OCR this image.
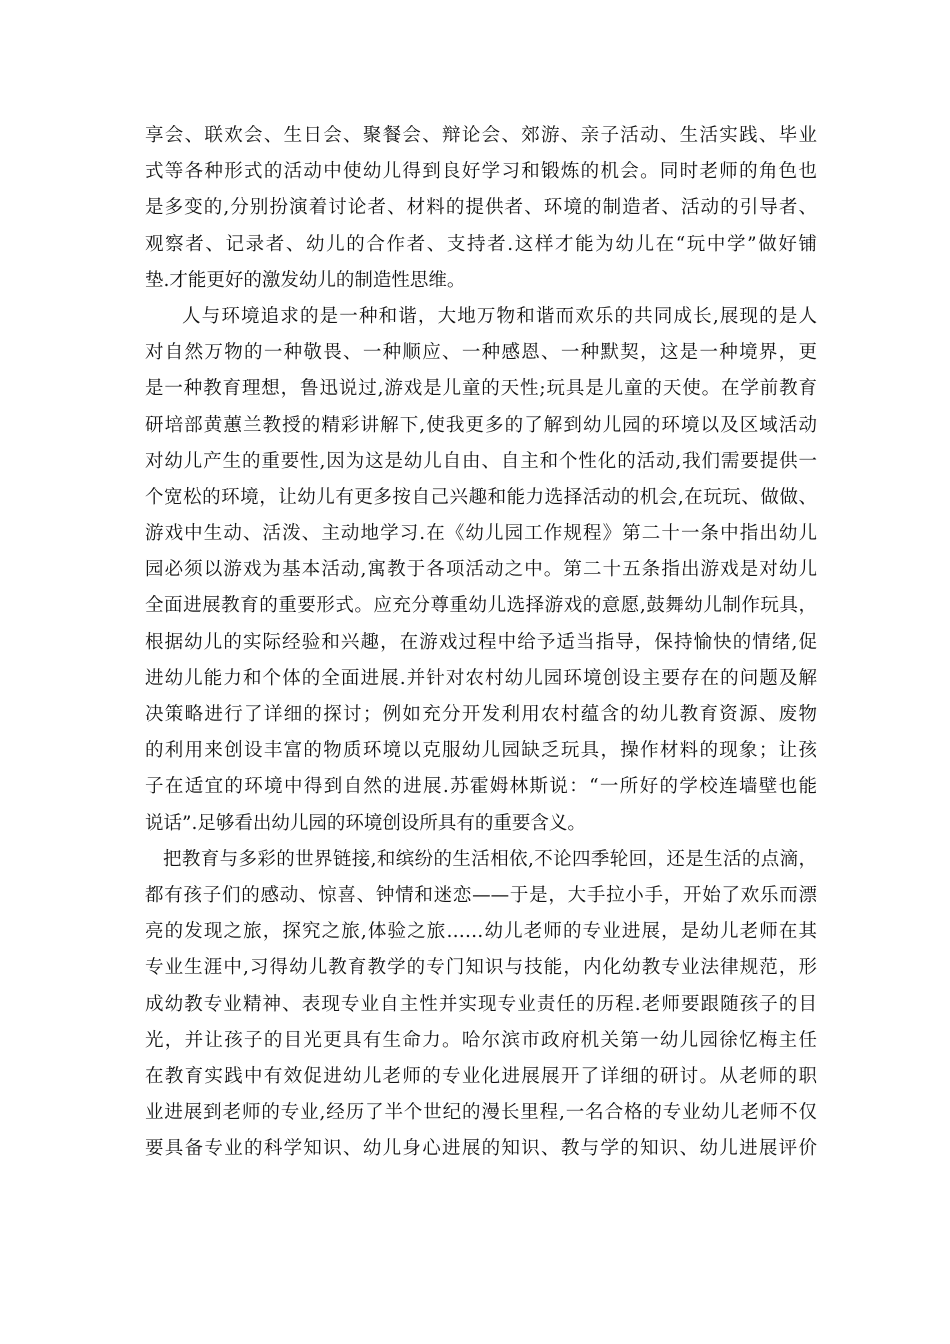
享会、联欢会、生日会、聚餐会、辩论会、郊游、亲子活动、生活实践、毕业
式等各种形式的活动中使幼儿得到良好学习和锻炼的机会。同时老师的角色也
是多变的,分别扮演着讨论者、材料的提供者、环境的制造者、活动的引导者、
观察者、记录者、幼儿的合作者、支持者.这样才能为幼儿在“玩中学”做好铺
垫.才能更好的激发幼儿的制造性思维。
人与环境追求的是一种和谐，大地万物和谐而欢乐的共同成长,展现的是人
对自然万物的一种敬畏、一种顺应、一种感恩、一种默契，这是一种境界，更
是一种教育理想，鲁迅说过,游戏是儿童的天性;玩具是儿童的天使。在学前教育
研培部黄蕙兰教授的精彩讲解下,使我更多的了解到幼儿园的环境以及区域活动
对幼儿产生的重要性,因为这是幼儿自由、自主和个性化的活动,我们需要提供一
个宽松的环境，让幼儿有更多按自己兴趣和能力选择活动的机会,在玩玩、做做、
游戏中生动、活泼、主动地学习.在《幼儿园工作规程》第二十一条中指出幼儿
园必须以游戏为基本活动,寓教于各项活动之中。第二十五条指出游戏是对幼儿
全面进展教育的重要形式。应充分尊重幼儿选择游戏的意愿,鼓舞幼儿制作玩具，
根据幼儿的实际经验和兴趣，在游戏过程中给予适当指导，保持愉快的情绪,促
进幼儿能力和个体的全面进展.并针对农村幼儿园环境创设主要存在的问题及解
决策略进行了详细的探讨；例如充分开发利用农村蕴含的幼儿教育资源、废物
的利用来创设丰富的物质环境以克服幼儿园缺乏玩具，操作材料的现象；让孩
子在适宜的环境中得到自然的进展.苏霍姆林斯说：“一所好的学校连墙壁也能
说话”.足够看出幼儿园的环境创设所具有的重要含义。
把教育与多彩的世界链接,和缤纷的生活相依,不论四季轮回，还是生活的点滴，
都有孩子们的感动、惊喜、钟情和迷恋——于是，大手拉小手，开始了欢乐而漂
亮的发现之旅，探究之旅,体验之旅……幼儿老师的专业进展，是幼儿老师在其
专业生涯中,习得幼儿教育教学的专门知识与技能，内化幼教专业法律规范，形
成幼教专业精神、表现专业自主性并实现专业责任的历程.老师要跟随孩子的目
光，并让孩子的目光更具有生命力。哈尔滨市政府机关第一幼儿园徐忆梅主任
在教育实践中有效促进幼儿老师的专业化进展展开了详细的研讨。从老师的职
业进展到老师的专业,经历了半个世纪的漫长里程,一名合格的专业幼儿老师不仅
要具备专业的科学知识、幼儿身心进展的知识、教与学的知识、幼儿进展评价
